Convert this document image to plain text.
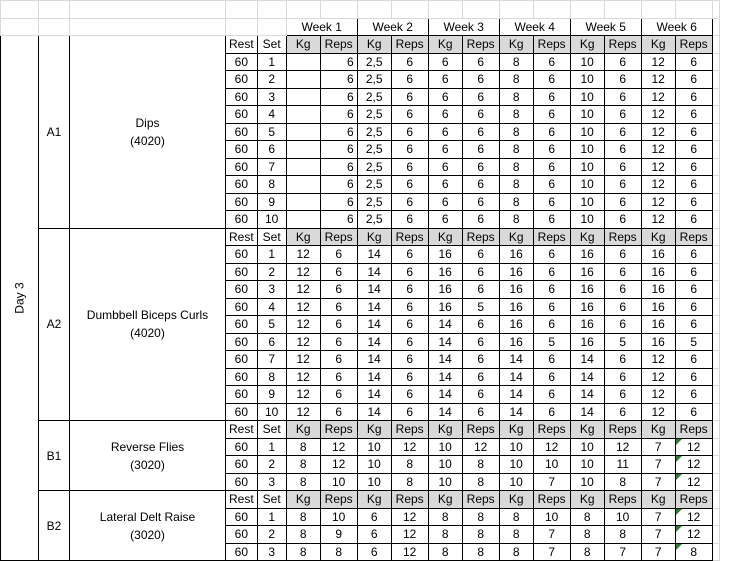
					Week 1		Week 2		Week 3		Week 4		Week 5		Week 6		

Day 3	A1	Dips
(4020)	Rest	Set	Kg	Reps	Kg	Reps	Kg	Reps	Kg	Reps	Kg	Reps	Kg	Reps	
			60	1		6	2,5	6	6	6	8	6	10	6	12	6	
			60	2		6	2,5	6	6	6	8	6	10	6	12	6	
			60	3		6	2,5	6	6	6	8	6	10	6	12	6	
			60	4		6	2,5	6	6	6	8	6	10	6	12	6	
			60	5		6	2,5	6	6	6	8	6	10	6	12	6	
			60	6		6	2,5	6	6	6	8	6	10	6	12	6	
			60	7		6	2,5	6	6	6	8	6	10	6	12	6	
			60	8		6	2,5	6	6	6	8	6	10	6	12	6	
			60	9		6	2,5	6	6	6	8	6	10	6	12	6	
			60	10		6	2,5	6	6	6	8	6	10	6	12	6	
	A2	Dumbbell Biceps Curls
(4020)	Rest	Set	Kg	Reps	Kg	Reps	Kg	Reps	Kg	Reps	Kg	Reps	Kg	Reps	
			60	1	12	6	14	6	16	6	16	6	16	6	16	6	
			60	2	12	6	14	6	16	6	16	6	16	6	16	6	
			60	3	12	6	14	6	16	6	16	6	16	6	16	6	
			60	4	12	6	14	6	16	5	16	6	16	6	16	6	
			60	5	12	6	14	6	14	6	16	6	16	6	16	6	
			60	6	12	6	14	6	14	6	16	5	16	5	16	5	
			60	7	12	6	14	6	14	6	14	6	14	6	12	6	
			60	8	12	6	14	6	14	6	14	6	14	6	12	6	
			60	9	12	6	14	6	14	6	14	6	14	6	12	6	
			60	10	12	6	14	6	14	6	14	6	14	6	12	6	
	B1	Reverse Flies
(3020)	Rest	Set	Kg	Reps	Kg	Reps	Kg	Reps	Kg	Reps	Kg	Reps	Kg	Reps	
			60	1	8	12	10	12	10	12	10	12	10	12	7	12	
			60	2	8	12	10	8	10	8	10	10	10	11	7	12	
			60	3	8	10	10	8	10	8	10	7	10	8	7	12	
	B2	Lateral Delt Raise
(3020)	Rest	Set	Kg	Reps	Kg	Reps	Kg	Reps	Kg	Reps	Kg	Reps	Kg	Reps	
			60	1	8	10	6	12	8	8	8	10	8	10	7	12	
			60	2	8	9	6	12	8	8	8	7	8	8	7	12	
			60	3	8	8	6	12	8	8	8	7	8	7	7	8	
